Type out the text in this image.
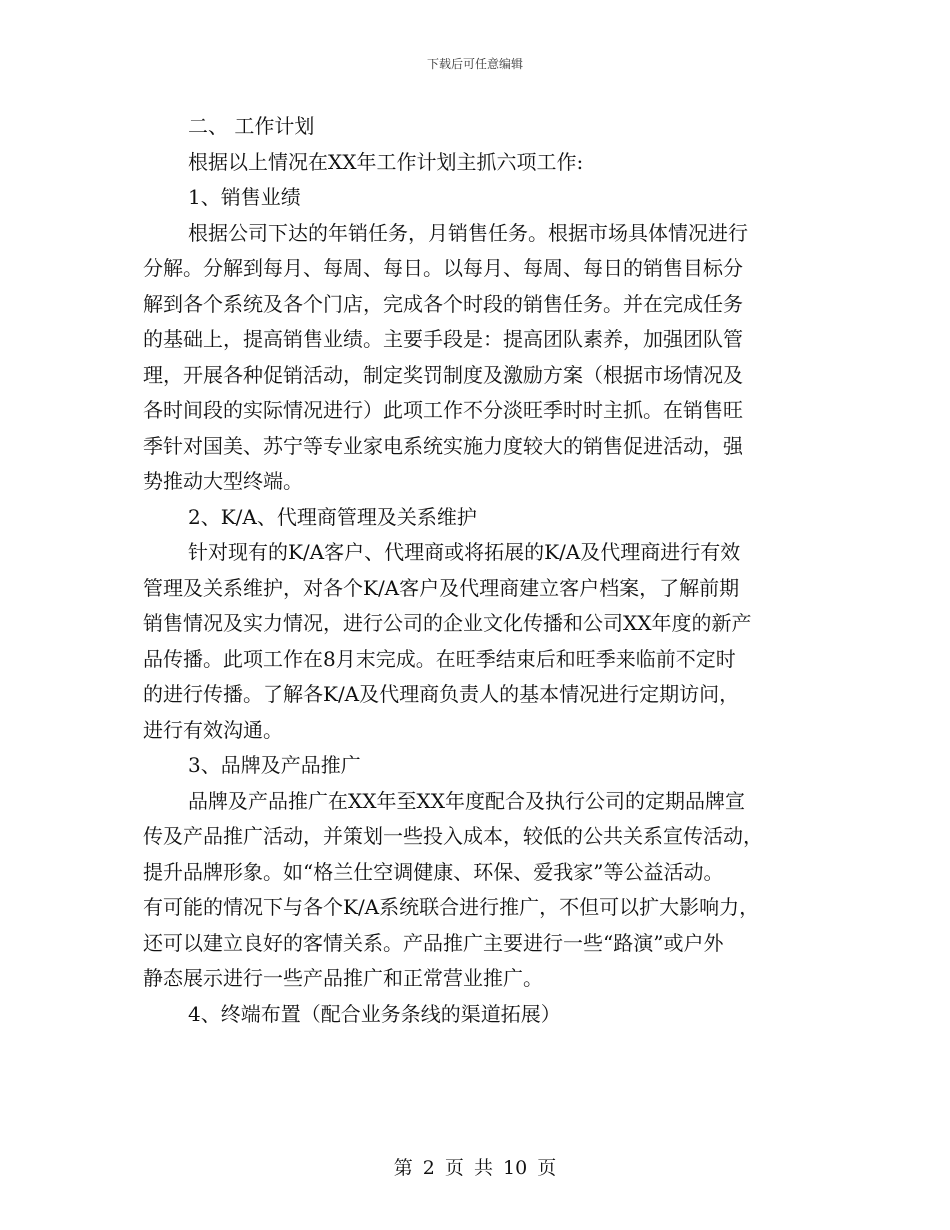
下载后可任意编辑
二、 工作计划
根据以上情况在XX年工作计划主抓六项工作:
1、销售业绩
根据公司下达的年销任务，月销售任务。根据市场具体情况进行
分解。分解到每月、每周、每日。以每月、每周、每日的销售目标分
解到各个系统及各个门店，完成各个时段的销售任务。并在完成任务
的基础上，提高销售业绩。主要手段是：提高团队素养，加强团队管
理，开展各种促销活动，制定奖罚制度及激励方案（根据市场情况及
各时间段的实际情况进行）此项工作不分淡旺季时时主抓。在销售旺
季针对国美、苏宁等专业家电系统实施力度较大的销售促进活动，强
势推动大型终端。
2、K/A、代理商管理及关系维护
针对现有的K/A客户、代理商或将拓展的K/A及代理商进行有效
管理及关系维护，对各个K/A客户及代理商建立客户档案，了解前期
销售情况及实力情况，进行公司的企业文化传播和公司XX年度的新产
品传播。此项工作在8月末完成。在旺季结束后和旺季来临前不定时
的进行传播。了解各K/A及代理商负责人的基本情况进行定期访问，
进行有效沟通。
3、品牌及产品推广
品牌及产品推广在XX年至XX年度配合及执行公司的定期品牌宣
传及产品推广活动，并策划一些投入成本，较低的公共关系宣传活动，
提升品牌形象。如“格兰仕空调健康、环保、爱我家”等公益活动。
有可能的情况下与各个K/A系统联合进行推广，不但可以扩大影响力，
还可以建立良好的客情关系。产品推广主要进行一些“路演”或户外
静态展示进行一些产品推广和正常营业推广。
4、终端布置（配合业务条线的渠道拓展）
第 2 页 共 10 页
